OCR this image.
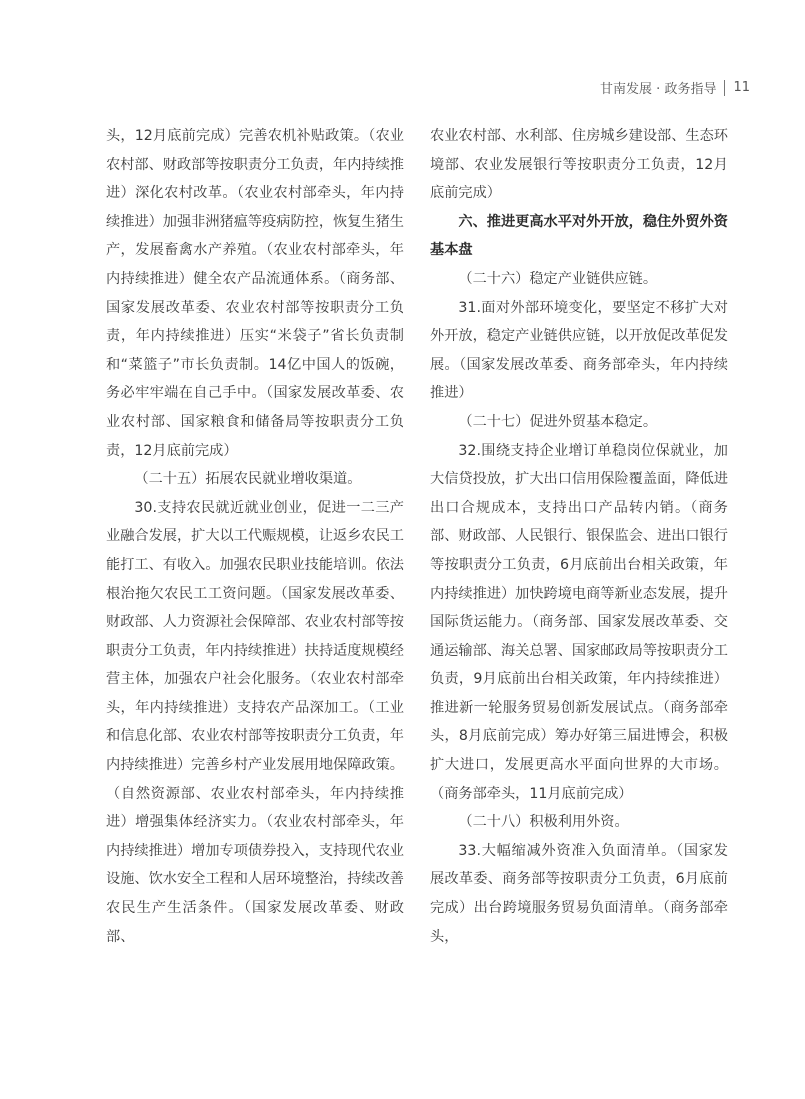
甘南发展 · 政务指导 11

头，12月底前完成）完善农机补贴政策。（农业农村部、财政部等按职责分工负责，年内持续推进）深化农村改革。（农业农村部牵头，年内持续推进）加强非洲猪瘟等疫病防控，恢复生猪生产，发展畜禽水产养殖。（农业农村部牵头，年内持续推进）健全农产品流通体系。（商务部、国家发展改革委、农业农村部等按职责分工负责，年内持续推进）压实“米袋子”省长负责制和“菜篮子”市长负责制。14亿中国人的饭碗，务必牢牢端在自己手中。（国家发展改革委、农业农村部、国家粮食和储备局等按职责分工负责，12月底前完成）

（二十五）拓展农民就业增收渠道。

30.支持农民就近就业创业，促进一二三产业融合发展，扩大以工代赈规模，让返乡农民工能打工、有收入。加强农民职业技能培训。依法根治拖欠农民工工资问题。（国家发展改革委、财政部、人力资源社会保障部、农业农村部等按职责分工负责，年内持续推进）扶持适度规模经营主体，加强农户社会化服务。（农业农村部牵头，年内持续推进）支持农产品深加工。（工业和信息化部、农业农村部等按职责分工负责，年内持续推进）完善乡村产业发展用地保障政策。（自然资源部、农业农村部牵头，年内持续推进）增强集体经济实力。（农业农村部牵头，年内持续推进）增加专项债券投入，支持现代农业设施、饮水安全工程和人居环境整治，持续改善农民生产生活条件。（国家发展改革委、财政部、

农业农村部、水利部、住房城乡建设部、生态环境部、农业发展银行等按职责分工负责，12月底前完成）

六、推进更高水平对外开放，稳住外贸外资基本盘

（二十六）稳定产业链供应链。

31.面对外部环境变化，要坚定不移扩大对外开放，稳定产业链供应链，以开放促改革促发展。（国家发展改革委、商务部牵头，年内持续推进）

（二十七）促进外贸基本稳定。

32.围绕支持企业增订单稳岗位保就业，加大信贷投放，扩大出口信用保险覆盖面，降低进出口合规成本，支持出口产品转内销。（商务部、财政部、人民银行、银保监会、进出口银行等按职责分工负责，6月底前出台相关政策，年内持续推进）加快跨境电商等新业态发展，提升国际货运能力。（商务部、国家发展改革委、交通运输部、海关总署、国家邮政局等按职责分工负责，9月底前出台相关政策，年内持续推进）推进新一轮服务贸易创新发展试点。（商务部牵头，8月底前完成）筹办好第三届进博会，积极扩大进口，发展更高水平面向世界的大市场。（商务部牵头，11月底前完成）

（二十八）积极利用外资。

33.大幅缩减外资准入负面清单。（国家发展改革委、商务部等按职责分工负责，6月底前完成）出台跨境服务贸易负面清单。（商务部牵头，
